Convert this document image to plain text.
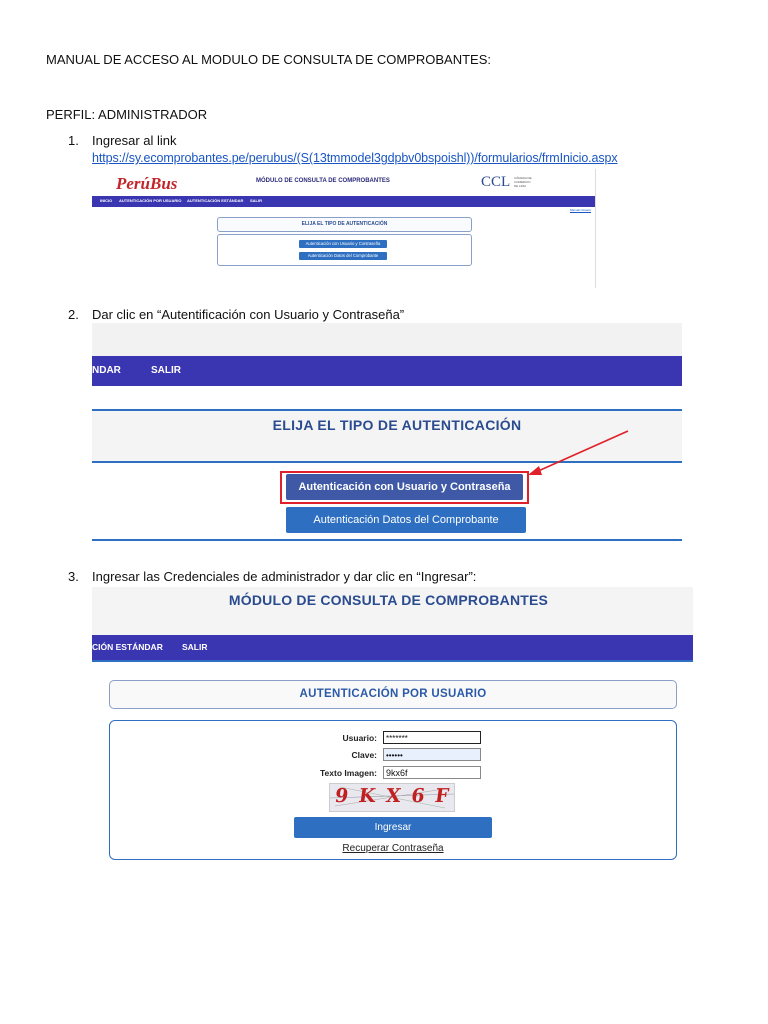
MANUAL DE ACCESO AL MODULO DE CONSULTA DE COMPROBANTES:
PERFIL: ADMINISTRADOR
1. Ingresar al link
https://sy.ecomprobantes.pe/perubus/(S(13tmmodel3gdpbv0bspoishl))/formularios/frmInicio.aspx
PerúBus	MÓDULO DE CONSULTA DE COMPROBANTES	CCL CÁMARA DE COMERCIO DE LIMA
INICIO AUTENTICACIÓN POR USUARIO AUTENTICACIÓN ESTÁNDAR SALIR
Manual Usuario
ELIJA EL TIPO DE AUTENTICACIÓN
Autenticación con Usuario y Contraseña
Autenticación Datos del Comprobante
2. Dar clic en “Autentificación con Usuario y Contraseña”
NDAR	SALIR
ELIJA EL TIPO DE AUTENTICACIÓN
Autenticación con Usuario y Contraseña
Autenticación Datos del Comprobante
3. Ingresar las Credenciales de administrador y dar clic en “Ingresar”:
MÓDULO DE CONSULTA DE COMPROBANTES
CIÓN ESTÁNDAR SALIR
AUTENTICACIÓN POR USUARIO
Usuario:	*******
Clave:	••••••
Texto Imagen:	9kx6f
9 K X 6 F
Ingresar
Recuperar Contraseña
